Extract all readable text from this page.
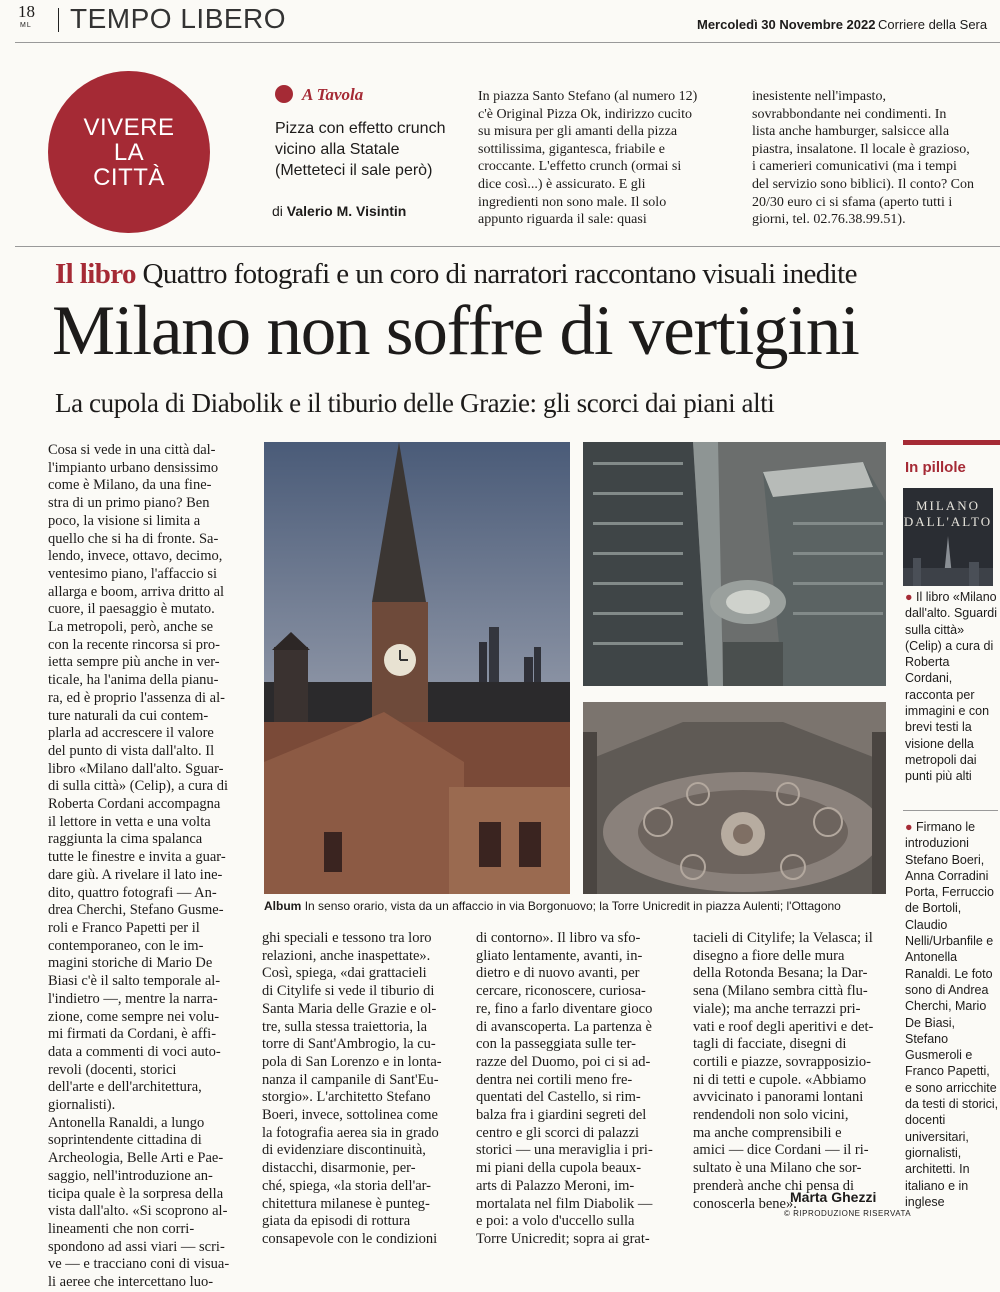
18
ML TEMPO LIBERO	Mercoledì 30 Novembre 2022 Corriere della Sera
VIVERE
LA
CITTÀ
A Tavola
Pizza con effetto crunch vicino alla Statale (Metteteci il sale però)
di Valerio M. Visintin
In piazza Santo Stefano (al numero 12)
c'è Original Pizza Ok, indirizzo cucito
su misura per gli amanti della pizza
sottilissima, gigantesca, friabile e
croccante. L'effetto crunch (ormai si
dice così...) è assicurato. E gli
ingredienti non sono male. Il solo
appunto riguarda il sale: quasi
inesistente nell'impasto,
sovrabbondante nei condimenti. In
lista anche hamburger, salsicce alla
piastra, insalatone. Il locale è grazioso,
i camerieri comunicativi (ma i tempi
del servizio sono biblici). Il conto? Con
20/30 euro ci si sfama (aperto tutti i
giorni, tel. 02.76.38.99.51).
Il libro Quattro fotografi e un coro di narratori raccontano visuali inedite
Milano non soffre di vertigini
La cupola di Diabolik e il tiburio delle Grazie: gli scorci dai piani alti
Cosa si vede in una città dal-
l'impianto urbano densissimo
come è Milano, da una fine-
stra di un primo piano? Ben
poco, la visione si limita a
quello che si ha di fronte. Sa-
lendo, invece, ottavo, decimo,
ventesimo piano, l'affaccio si
allarga e boom, arriva dritto al
cuore, il paesaggio è mutato.
La metropoli, però, anche se
con la recente rincorsa si pro-
ietta sempre più anche in ver-
ticale, ha l'anima della pianu-
ra, ed è proprio l'assenza di al-
ture naturali da cui contem-
plarla ad accrescere il valore
del punto di vista dall'alto. Il
libro «Milano dall'alto. Sguar-
di sulla città» (Celip), a cura di
Roberta Cordani accompagna
il lettore in vetta e una volta
raggiunta la cima spalanca
tutte le finestre e invita a guar-
dare giù. A rivelare il lato ine-
dito, quattro fotografi — An-
drea Cherchi, Stefano Gusme-
roli e Franco Papetti per il
contemporaneo, con le im-
magini storiche di Mario De
Biasi c'è il salto temporale al-
l'indietro —, mentre la narra-
zione, come sempre nei volu-
mi firmati da Cordani, è affi-
data a commenti di voci auto-
revoli (docenti, storici
dell'arte e dell'architettura,
giornalisti).
Antonella Ranaldi, a lungo
soprintendente cittadina di
Archeologia, Belle Arti e Pae-
saggio, nell'introduzione an-
ticipa quale è la sorpresa della
vista dall'alto. «Si scoprono al-
lineamenti che non corri-
spondono ad assi viari — scri-
ve — e tracciano coni di visua-
li aeree che intercettano luo-
ghi speciali e tessono tra loro
relazioni, anche inaspettate».
Così, spiega, «dai grattacieli
di Citylife si vede il tiburio di
Santa Maria delle Grazie e ol-
tre, sulla stessa traiettoria, la
torre di Sant'Ambrogio, la cu-
pola di San Lorenzo e in lonta-
nanza il campanile di Sant'Eu-
storgio». L'architetto Stefano
Boeri, invece, sottolinea come
la fotografia aerea sia in grado
di evidenziare discontinuità,
distacchi, disarmonie, per-
ché, spiega, «la storia dell'ar-
chitettura milanese è punteg-
giata da episodi di rottura
consapevole con le condizioni
di contorno». Il libro va sfo-
gliato lentamente, avanti, in-
dietro e di nuovo avanti, per
cercare, riconoscere, curiosa-
re, fino a farlo diventare gioco
di avanscoperta. La partenza è
con la passeggiata sulle ter-
razze del Duomo, poi ci si ad-
dentra nei cortili meno fre-
quentati del Castello, si rim-
balza fra i giardini segreti del
centro e gli scorci di palazzi
storici — una meraviglia i pri-
mi piani della cupola beaux-
arts di Palazzo Meroni, im-
mortalata nel film Diabolik —
e poi: a volo d'uccello sulla
Torre Unicredit; sopra ai grat-
tacieli di Citylife; la Velasca; il
disegno a fiore delle mura
della Rotonda Besana; la Dar-
sena (Milano sembra città flu-
viale); ma anche terrazzi pri-
vati e roof degli aperitivi e det-
tagli di facciate, disegni di
cortili e piazze, sovrapposizio-
ni di tetti e cupole. «Abbiamo
avvicinato i panorami lontani
rendendoli non solo vicini,
ma anche comprensibili e
amici — dice Cordani — il ri-
sultato è una Milano che sor-
prenderà anche chi pensa di
conoscerla bene».
Marta Ghezzi
© RIPRODUZIONE RISERVATA
Album In senso orario, vista da un affaccio in via Borgonuovo; la Torre Unicredit in piazza Aulenti; l'Ottagono
In pillole
MILANO DALL'ALTO
● Il libro «Milano dall'alto. Sguardi sulla città» (Celip) a cura di Roberta Cordani, racconta per immagini e con brevi testi la visione della metropoli dai punti più alti
● Firmano le introduzioni Stefano Boeri, Anna Corradini Porta, Ferruccio de Bortoli, Claudio Nelli/Urbanfile e Antonella Ranaldi. Le foto sono di Andrea Cherchi, Mario De Biasi, Stefano Gusmeroli e Franco Papetti, e sono arricchite da testi di storici, docenti universitari, giornalisti, architetti. In italiano e in inglese
